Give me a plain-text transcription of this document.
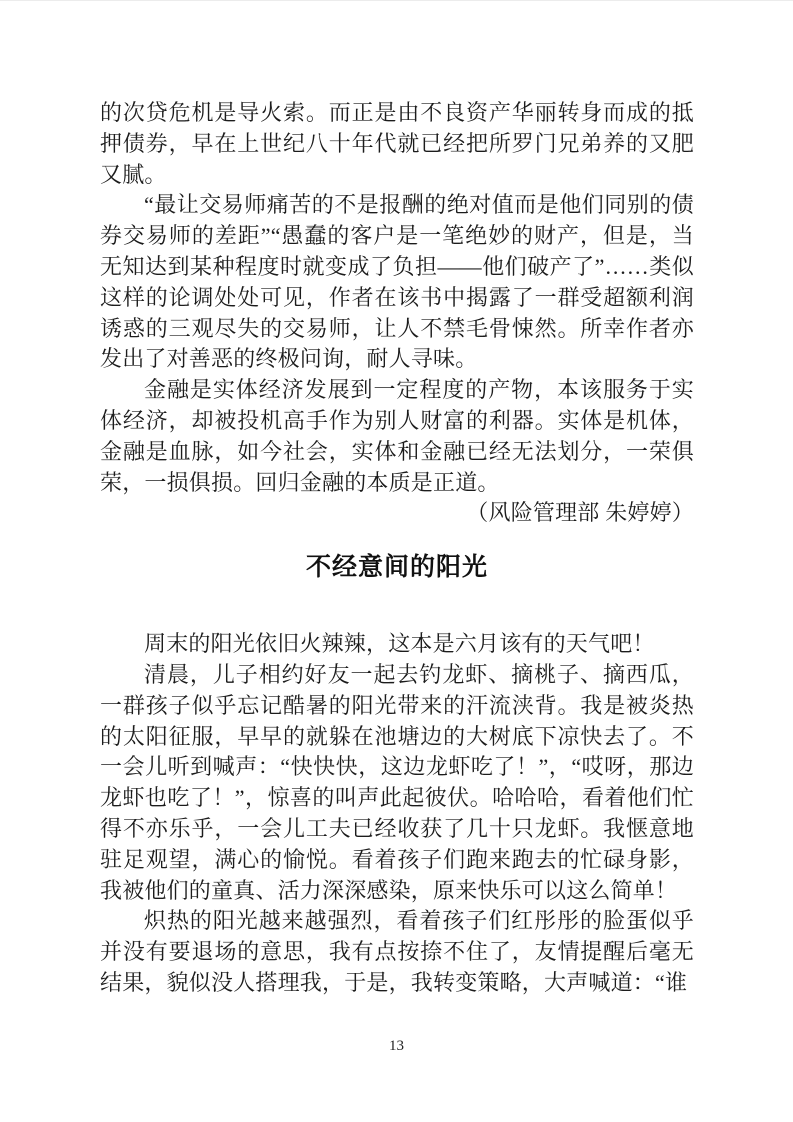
的次贷危机是导火索。而正是由不良资产华丽转身而成的抵押债券，早在上世纪八十年代就已经把所罗门兄弟养的又肥又腻。

“最让交易师痛苦的不是报酬的绝对值而是他们同别的债券交易师的差距”“愚蠢的客户是一笔绝妙的财产，但是，当无知达到某种程度时就变成了负担——他们破产了”……类似这样的论调处处可见，作者在该书中揭露了一群受超额利润诱惑的三观尽失的交易师，让人不禁毛骨悚然。所幸作者亦发出了对善恶的终极问询，耐人寻味。

金融是实体经济发展到一定程度的产物，本该服务于实体经济，却被投机高手作为别人财富的利器。实体是机体，金融是血脉，如今社会，实体和金融已经无法划分，一荣俱荣，一损俱损。回归金融的本质是正道。

（风险管理部 朱婷婷）

不经意间的阳光

周末的阳光依旧火辣辣，这本是六月该有的天气吧！

清晨，儿子相约好友一起去钓龙虾、摘桃子、摘西瓜，一群孩子似乎忘记酷暑的阳光带来的汗流浃背。我是被炎热的太阳征服，早早的就躲在池塘边的大树底下凉快去了。不一会儿听到喊声：“快快快，这边龙虾吃了！”，“哎呀，那边龙虾也吃了！”，惊喜的叫声此起彼伏。哈哈哈，看着他们忙得不亦乐乎，一会儿工夫已经收获了几十只龙虾。我惬意地驻足观望，满心的愉悦。看着孩子们跑来跑去的忙碌身影，我被他们的童真、活力深深感染，原来快乐可以这么简单！

炽热的阳光越来越强烈，看着孩子们红彤彤的脸蛋似乎并没有要退场的意思，我有点按捺不住了，友情提醒后毫无结果，貌似没人搭理我，于是，我转变策略，大声喊道：“谁

13
